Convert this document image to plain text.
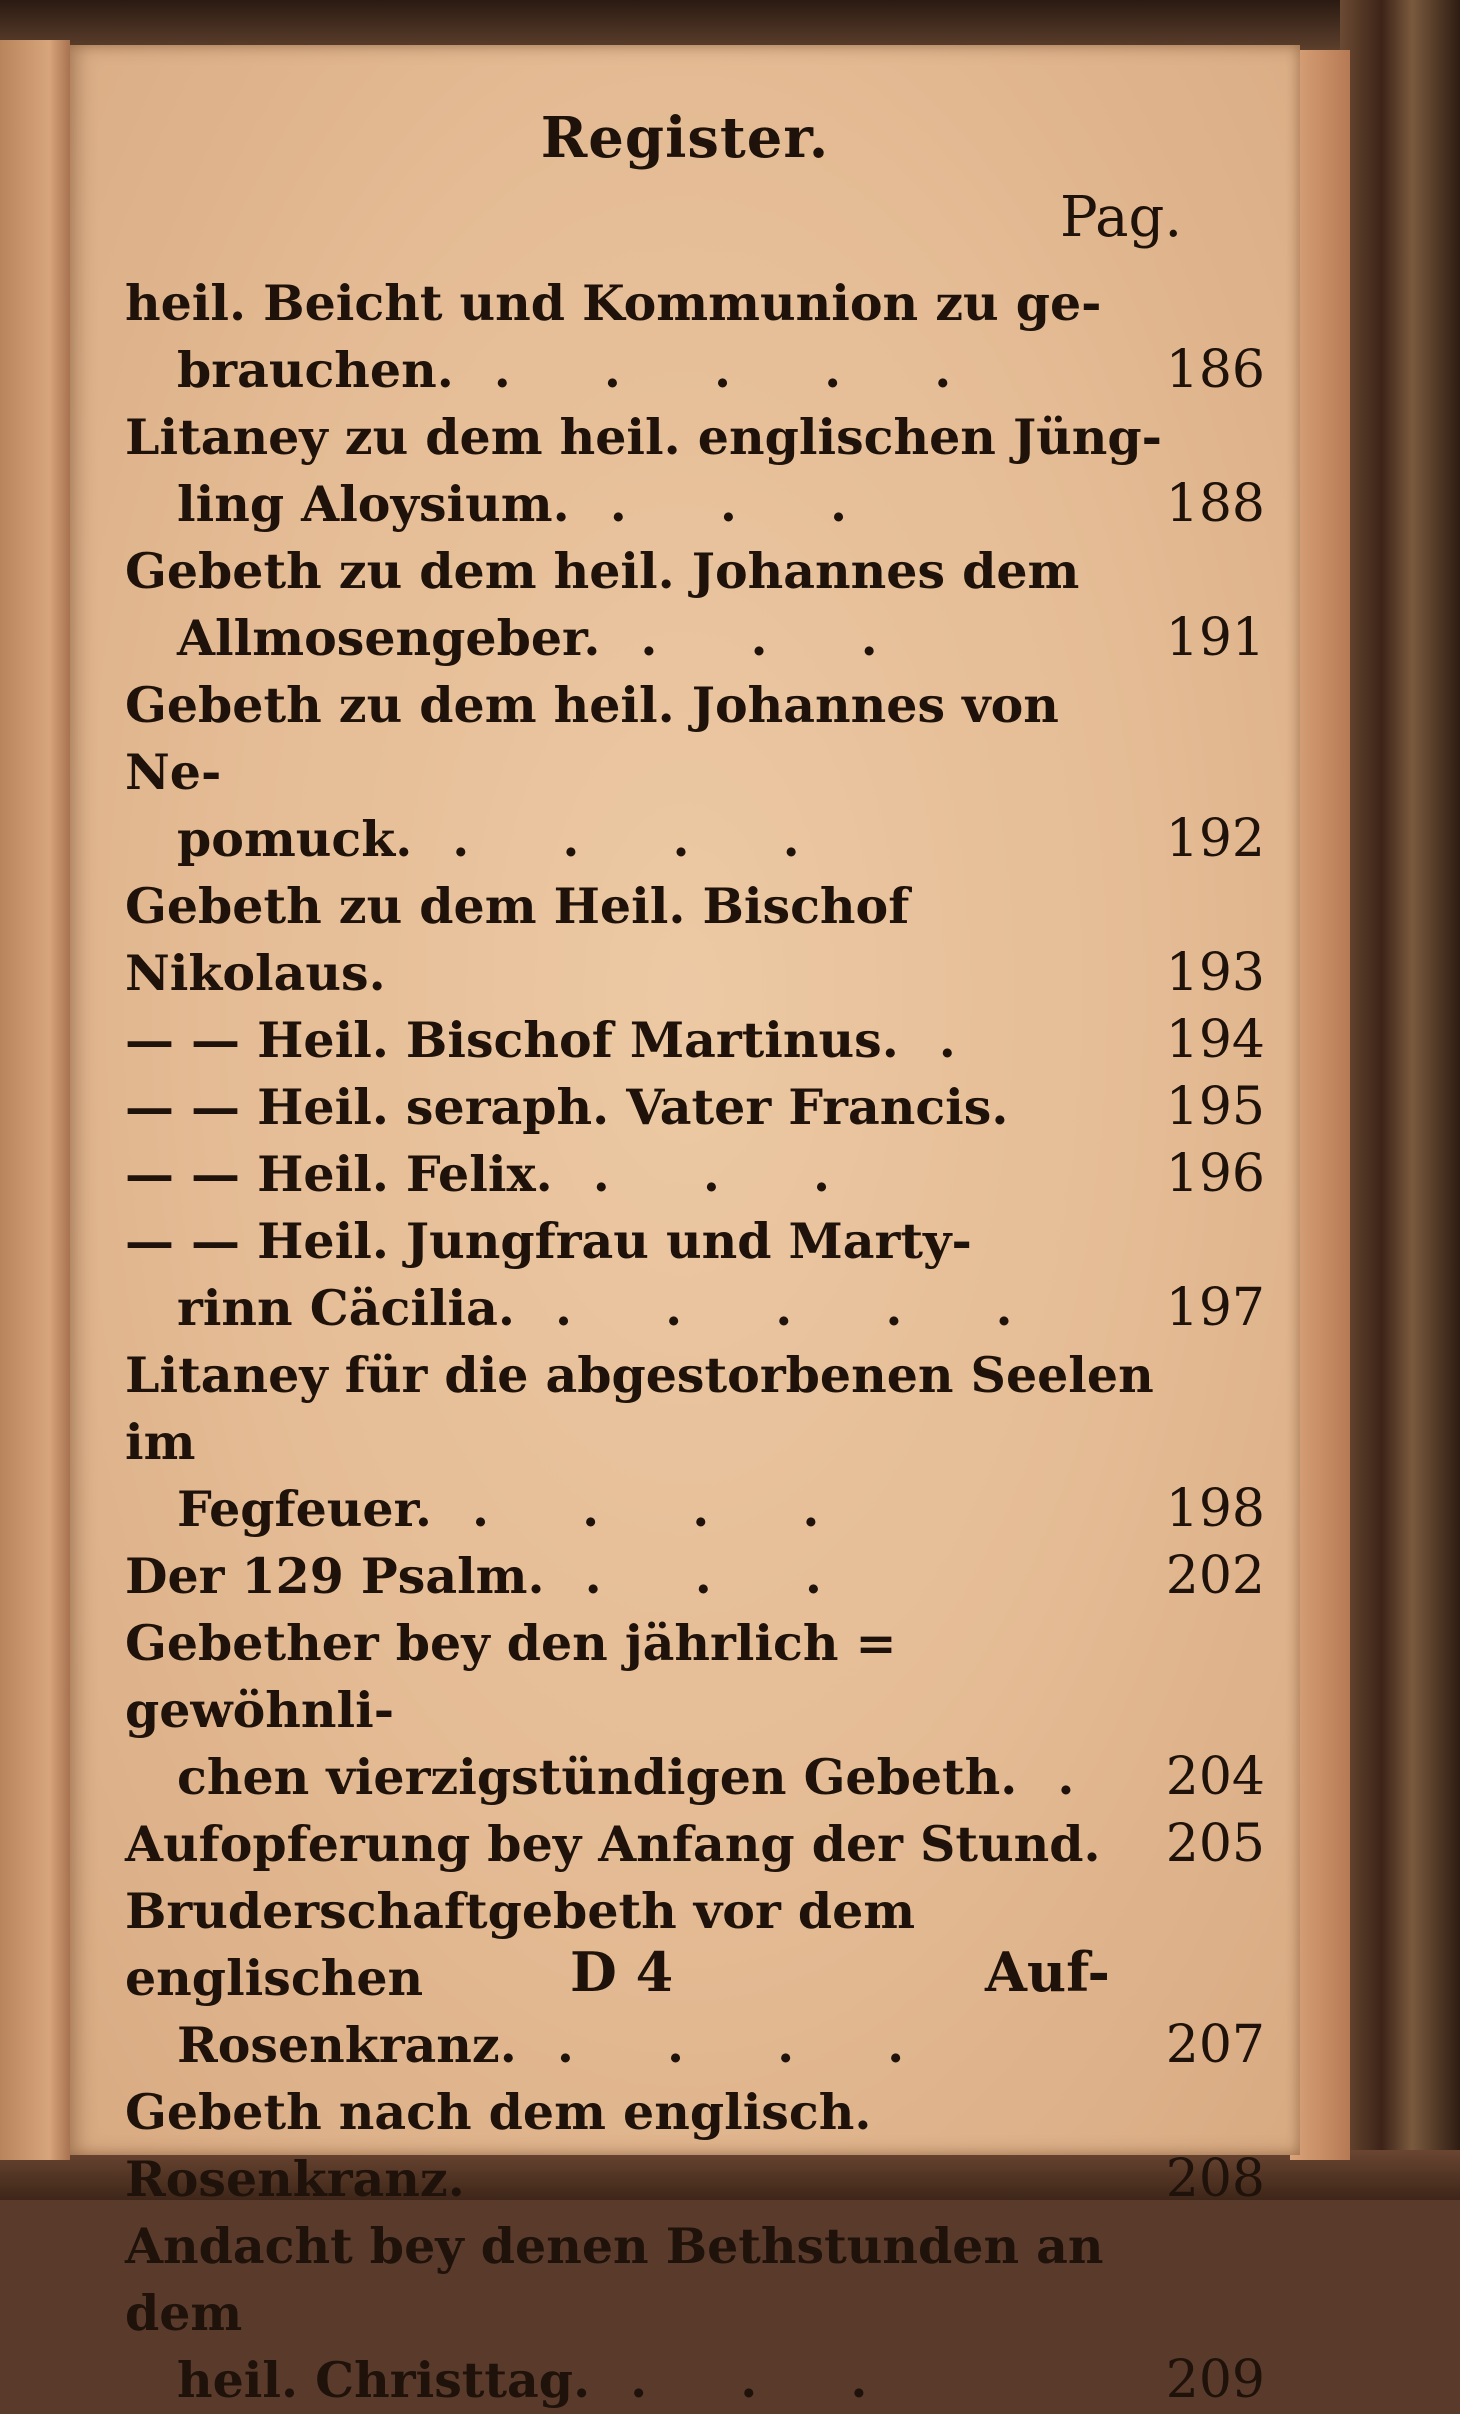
Register.
Pag.
heil. Beicht und Kommunion zu ge-
brauchen. . . . . .	186
Litaney zu dem heil. englischen Jüng-
ling Aloysium. . . .	188
Gebeth zu dem heil. Johannes dem
Allmosengeber. . . .	191
Gebeth zu dem heil. Johannes von Ne-
pomuck. . . . .	192
Gebeth zu dem Heil. Bischof Nikolaus.	193
— — Heil. Bischof Martinus. .	194
— — Heil. seraph. Vater Francis.	195
— — Heil. Felix. . . .	196
— — Heil. Jungfrau und Marty-
rinn Cäcilia. . . . . .	197
Litaney für die abgestorbenen Seelen im
Fegfeuer. . . . .	198
Der 129 Psalm. . . .	202
Gebether bey den jährlich = gewöhnli-
chen vierzigstündigen Gebeth. .	204
Aufopferung bey Anfang der Stund.	205
Bruderschaftgebeth vor dem englischen
Rosenkranz. . . . .	207
Gebeth nach dem englisch. Rosenkranz.	208
Andacht bey denen Bethstunden an dem
heil. Christtag. . . .	209
D 4	Auf-
